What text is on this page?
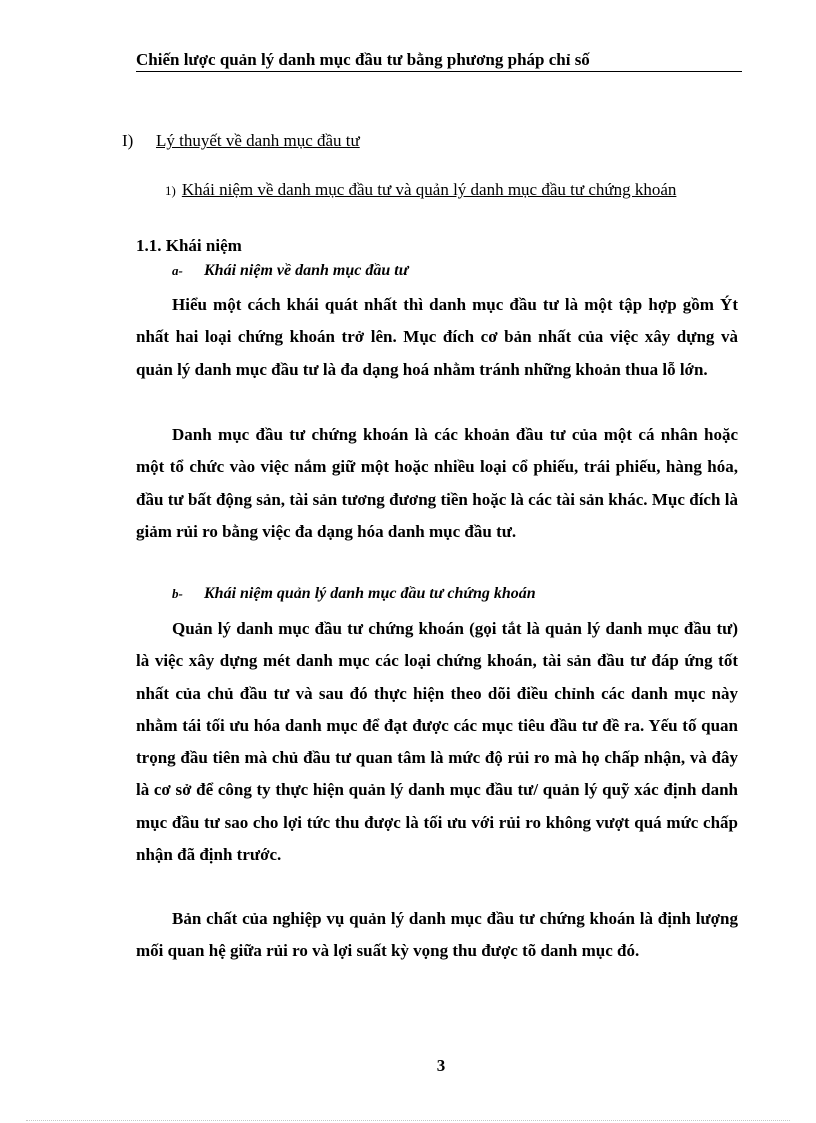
Chiến lược quản lý danh mục đầu tư bằng phương pháp chỉ số
I)	Lý thuyết về danh mục đầu tư
1) Khái niệm về danh mục đầu tư và quản lý danh mục đầu tư chứng khoán
1.1. Khái niệm
a-	Khái niệm về danh mục đầu tư

Hiểu một cách khái quát nhất thì danh mục đầu tư là một tập hợp gồm Ýt nhất hai loại chứng khoán trở lên. Mục đích cơ bản nhất của việc xây dựng và quản lý danh mục đầu tư là đa dạng hoá nhằm tránh những khoản thua lỗ lớn.

Danh mục đầu tư chứng khoán là các khoản đầu tư của một cá nhân hoặc một tổ chức vào việc nắm giữ một hoặc nhiều loại cổ phiếu, trái phiếu, hàng hóa, đầu tư bất động sản, tài sản tương đương tiền hoặc là các tài sản khác. Mục đích là giảm rủi ro bằng việc đa dạng hóa danh mục đầu tư.

b-	Khái niệm quản lý danh mục đầu tư chứng khoán

Quản lý danh mục đầu tư chứng khoán (gọi tắt là quản lý danh mục đầu tư) là việc xây dựng mét danh mục các loại chứng khoán, tài sản đầu tư đáp ứng tốt nhất của chủ đầu tư và sau đó thực hiện theo dõi điều chỉnh các danh mục này nhằm tái tối ưu hóa danh mục để đạt được các mục tiêu đầu tư đề ra. Yếu tố quan trọng đầu tiên mà chủ đầu tư quan tâm là mức độ rủi ro mà họ chấp nhận, và đây là cơ sở để công ty thực hiện quản lý danh mục đầu tư/ quản lý quỹ xác định danh mục đầu tư sao cho lợi tức thu được là tối ưu với rủi ro không vượt quá mức chấp nhận đã định trước.

Bản chất của nghiệp vụ quản lý danh mục đầu tư chứng khoán là định lượng mối quan hệ giữa rủi ro và lợi suất kỳ vọng thu được tõ danh mục đó.

3
